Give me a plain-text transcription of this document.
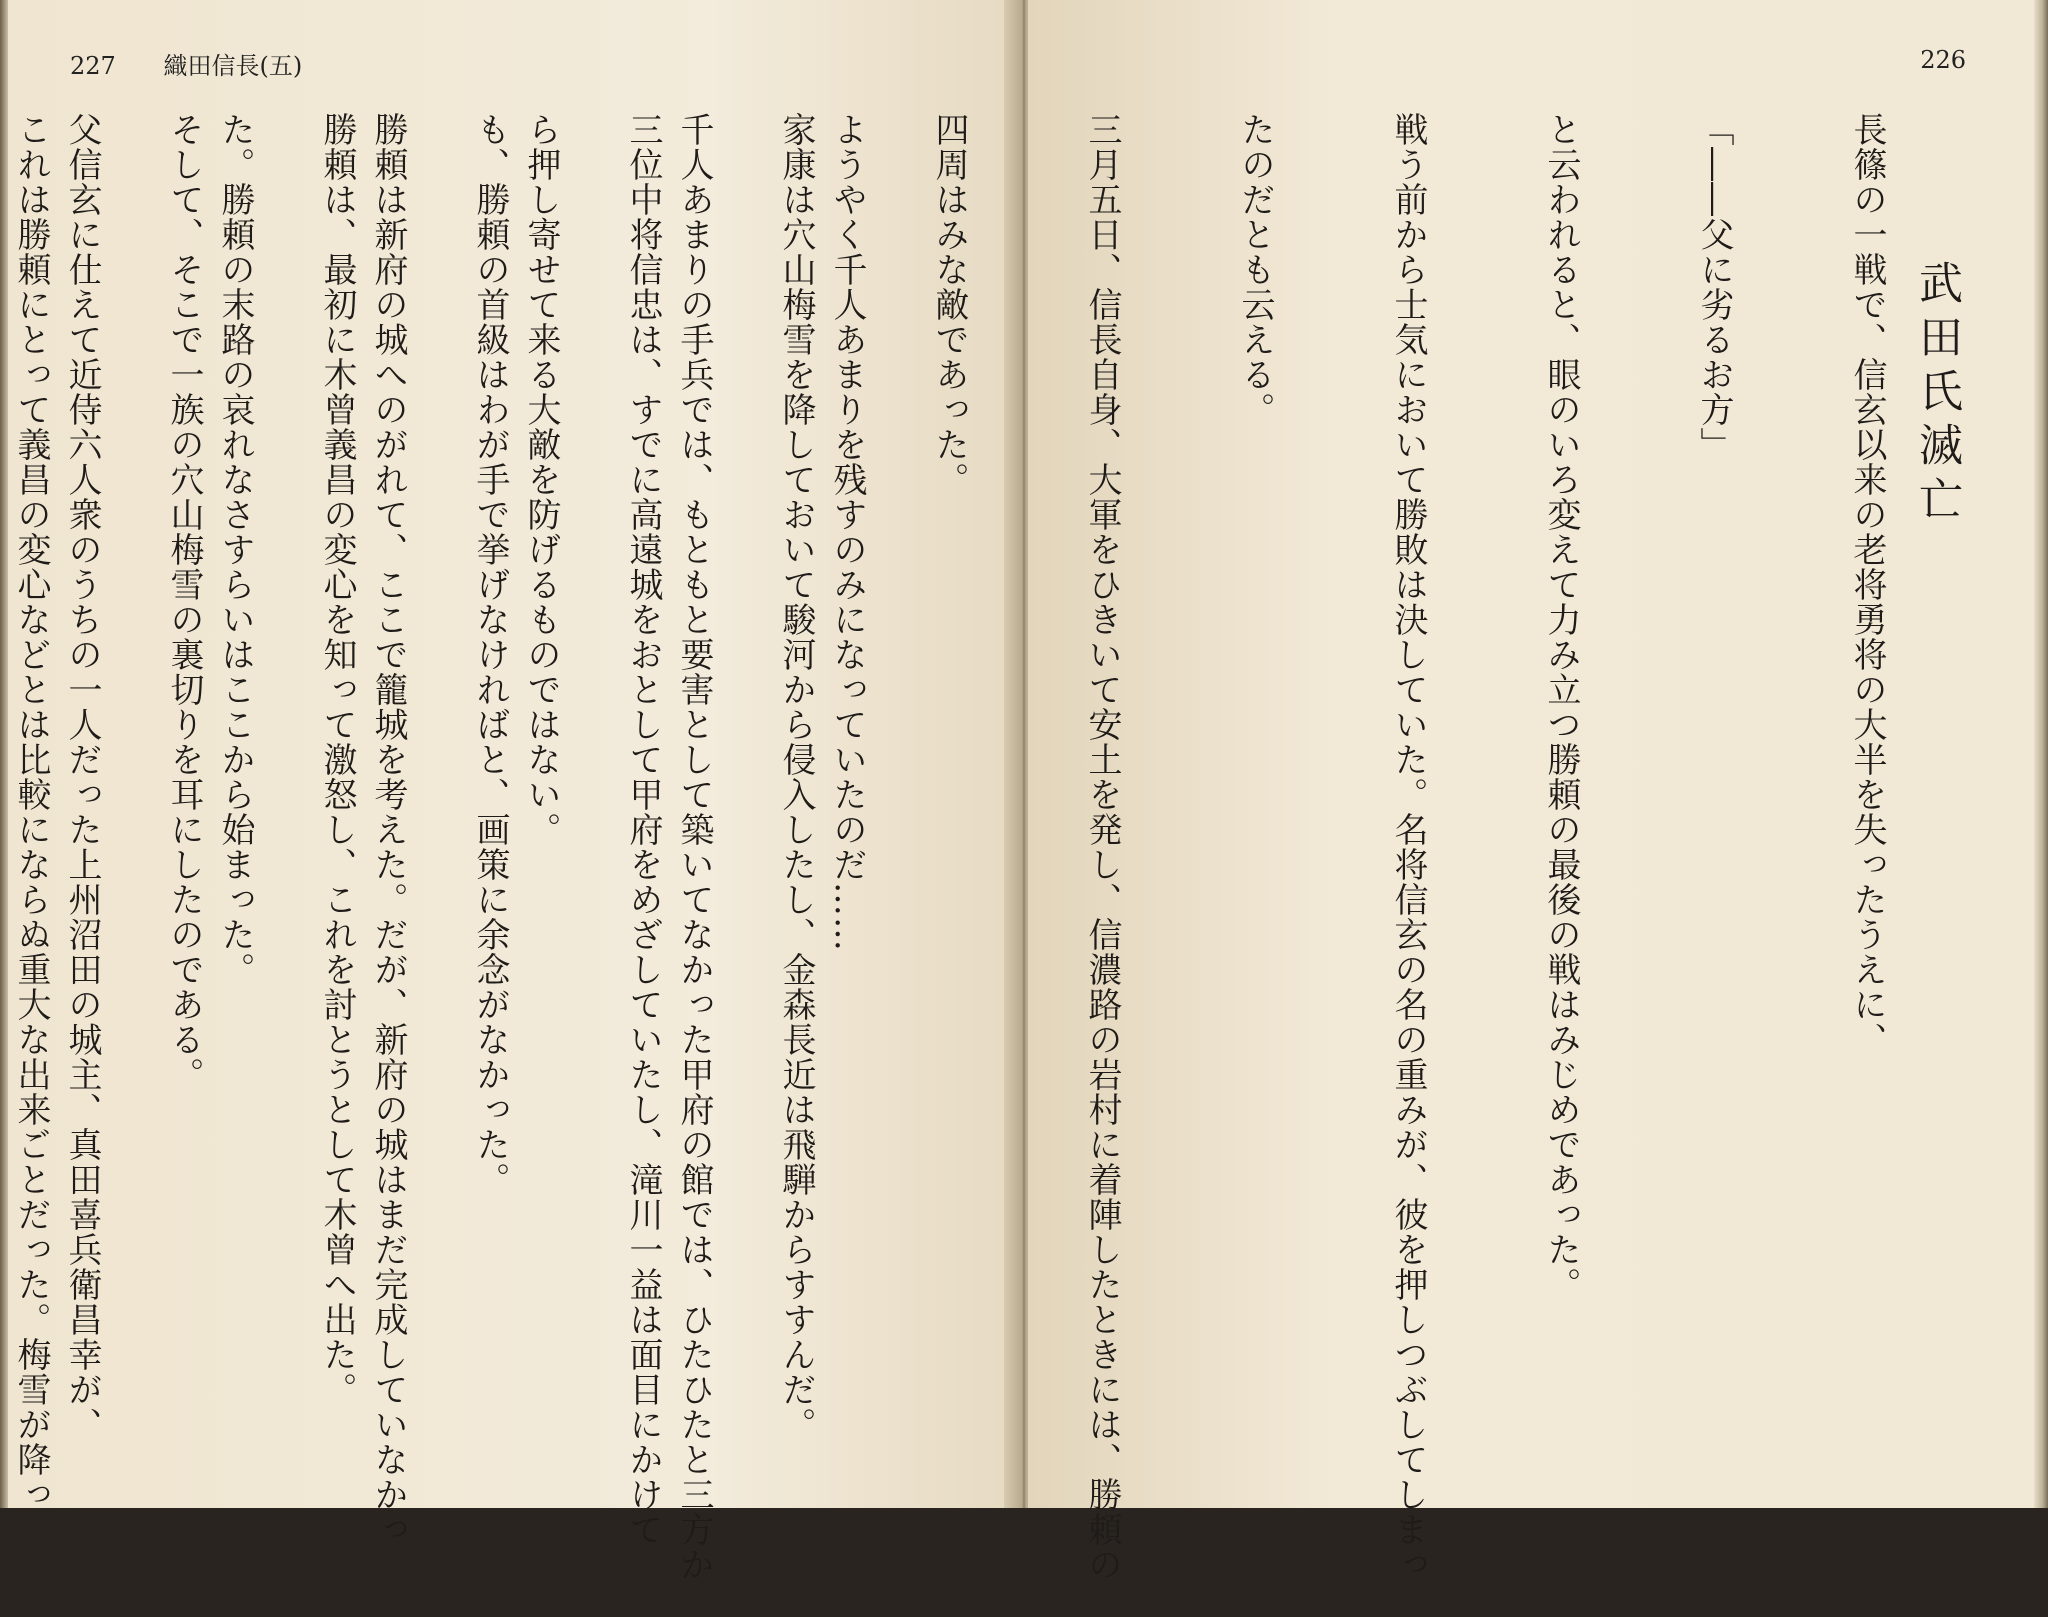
227 織田信長(五)

ようやく千人あまりを残すのみになっていたのだ……

千人あまりの手兵では、もともと要害として築いてなかった甲府の館では、ひたひたと三方か

ら押し寄せて来る大敵を防げるものではない。

勝頼は新府の城へのがれて、ここで籠城を考えた。だが、新府の城はまだ完成していなかっ

た。勝頼の末路の哀れなさすらいはここから始まった。

父信玄に仕えて近侍六人衆のうちの一人だった上州沼田の城主、真田喜兵衛昌幸が、

226

長篠の一戦で、信玄以来の老将勇将の大半を失ったうえに、

「――父に劣るお方」

と云われると、眼のいろ変えて力み立つ勝頼の最後の戦はみじめであった。

戦う前から士気において勝敗は決していた。名将信玄の名の重みが、彼を押しつぶしてしまっ

たのだとも云える。

三月五日、信長自身、大軍をひきいて安土を発し、信濃路の岩村に着陣したときには、勝頼の

四周はみな敵であった。

家康は穴山梅雪を降しておいて駿河から侵入したし、金森長近は飛騨からすすんだ。

三位中将信忠は、すでに高遠城をおとして甲府をめざしていたし、滝川一益は面目にかけて

も、勝頼の首級はわが手で挙げなければと、画策に余念がなかった。

勝頼は、最初に木曾義昌の変心を知って激怒し、これを討とうとして木曾へ出た。

そして、そこで一族の穴山梅雪の裏切りを耳にしたのである。

これは勝頼にとって義昌の変心などとは比較にならぬ重大な出来ごとだった。梅雪が降っ

	武田氏滅亡
